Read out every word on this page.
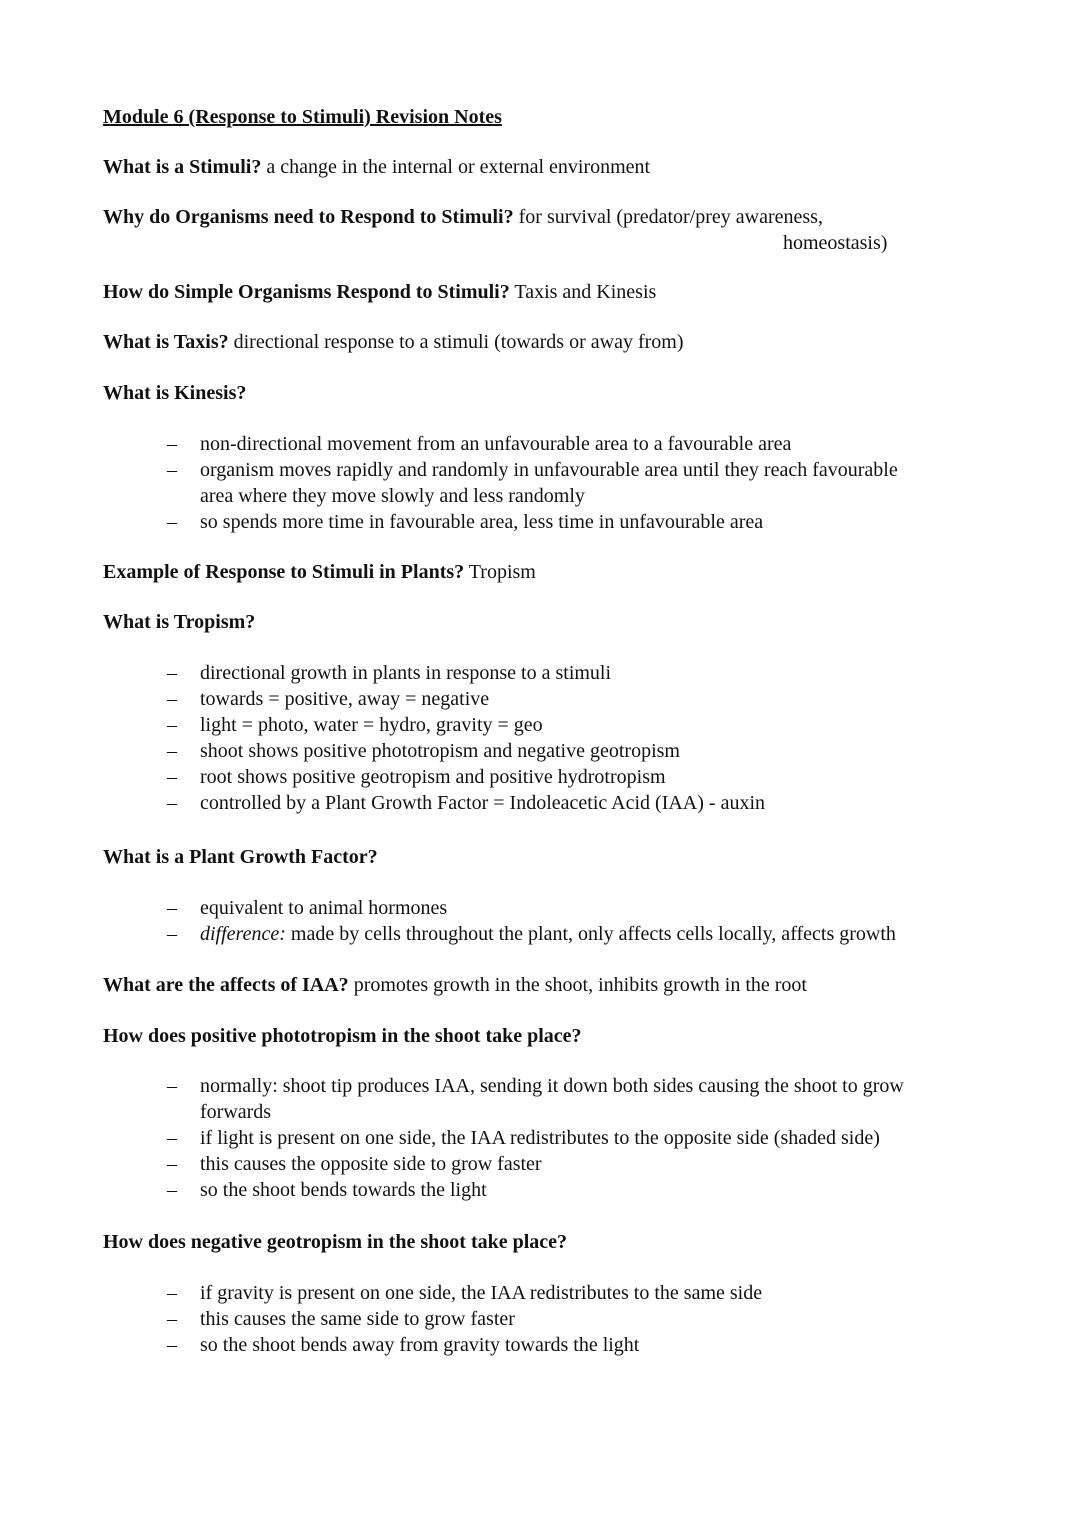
Module 6 (Response to Stimuli) Revision Notes
What is a Stimuli? a change in the internal or external environment
Why do Organisms need to Respond to Stimuli? for survival (predator/prey awareness,
homeostasis)
How do Simple Organisms Respond to Stimuli? Taxis and Kinesis
What is Taxis? directional response to a stimuli (towards or away from)
What is Kinesis?
– non-directional movement from an unfavourable area to a favourable area
– organism moves rapidly and randomly in unfavourable area until they reach favourable
area where they move slowly and less randomly
– so spends more time in favourable area, less time in unfavourable area
Example of Response to Stimuli in Plants? Tropism
What is Tropism?
– directional growth in plants in response to a stimuli
– towards = positive, away = negative
– light = photo, water = hydro, gravity = geo
– shoot shows positive phototropism and negative geotropism
– root shows positive geotropism and positive hydrotropism
– controlled by a Plant Growth Factor = Indoleacetic Acid (IAA) - auxin
What is a Plant Growth Factor?
– equivalent to animal hormones
– difference: made by cells throughout the plant, only affects cells locally, affects growth
What are the affects of IAA? promotes growth in the shoot, inhibits growth in the root
How does positive phototropism in the shoot take place?
– normally: shoot tip produces IAA, sending it down both sides causing the shoot to grow
forwards
– if light is present on one side, the IAA redistributes to the opposite side (shaded side)
– this causes the opposite side to grow faster
– so the shoot bends towards the light
How does negative geotropism in the shoot take place?
– if gravity is present on one side, the IAA redistributes to the same side
– this causes the same side to grow faster
– so the shoot bends away from gravity towards the light
